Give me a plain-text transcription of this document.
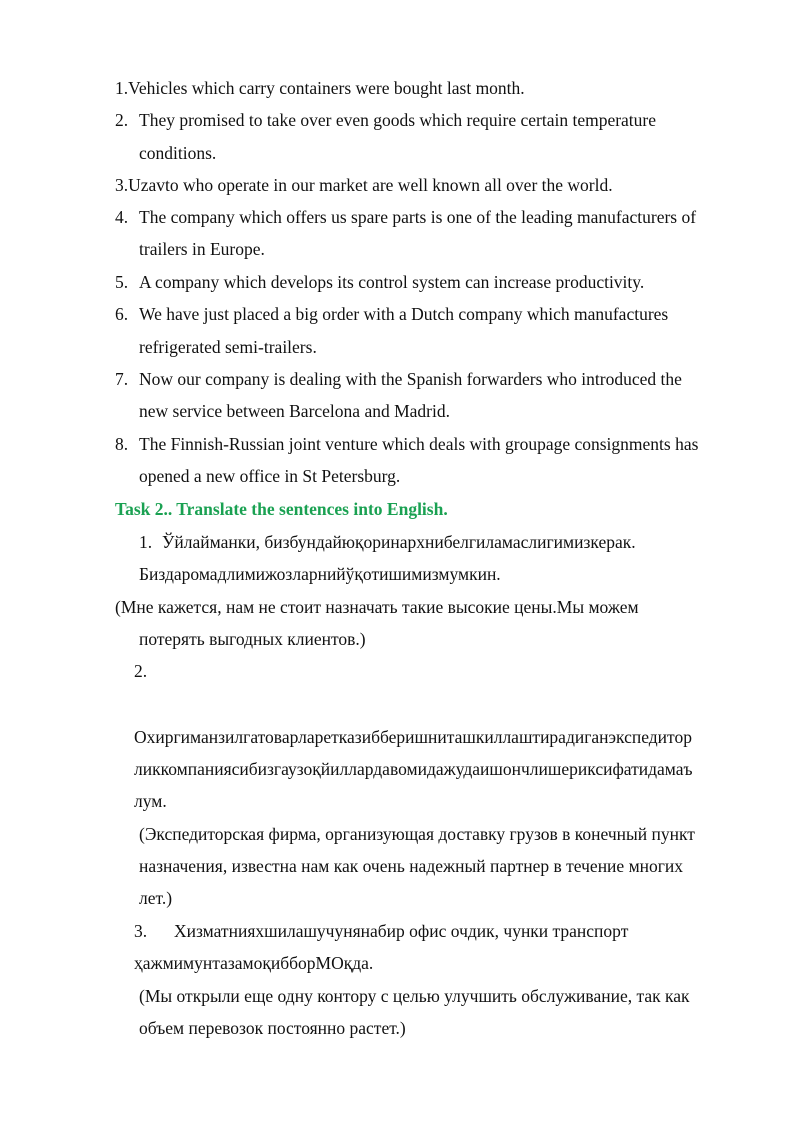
1.Vehicles which carry containers were bought last month.
2. They promised to take over even goods which require certain temperature
conditions.
3.Uzavto who operate in our market are well known all over the world.
4. The company which offers us spare parts is one of the leading manufacturers of
trailers in Europe.
5. A company which develops its control system can increase productivity.
6. We have just placed a big order with a Dutch company which manufactures
refrigerated semi-trailers.
7. Now our company is dealing with the Spanish forwarders who introduced the
new service between Barcelona and Madrid.
8. The Finnish-Russian joint venture which deals with groupage consignments has
opened a new office in St Petersburg.
Task 2.. Translate the sentences into English.
1. Ўйлайманки, бизбундайюқоринархнибелгиламаслигимизкерак.
Биздаромадлимижозларнийўқотишимизмумкин.
(Мне кажется, нам не стоит назначать такие высокие цены.Мы можем
потерять выгодных клиентов.)
2.
Охиргиманзилгатоварларетказибберишниташкиллаштирадиганэкспедитор
ликкомпаниясибизгаузоқйиллардавомидажудаишончлишериксифатидамаъ
лум.
(Экспедиторская фирма, организующая доставку грузов в конечный пункт
назначения, известна нам как очень надежный партнер в течение многих
лет.)
3. Хизматнияхшилашучунянабир офис очдик, чунки транспорт
ҳажмимунтазамоқибборМОқда.
(Мы открыли еще одну контору с целью улучшить обслуживание, так как
объем перевозок постоянно растет.)
